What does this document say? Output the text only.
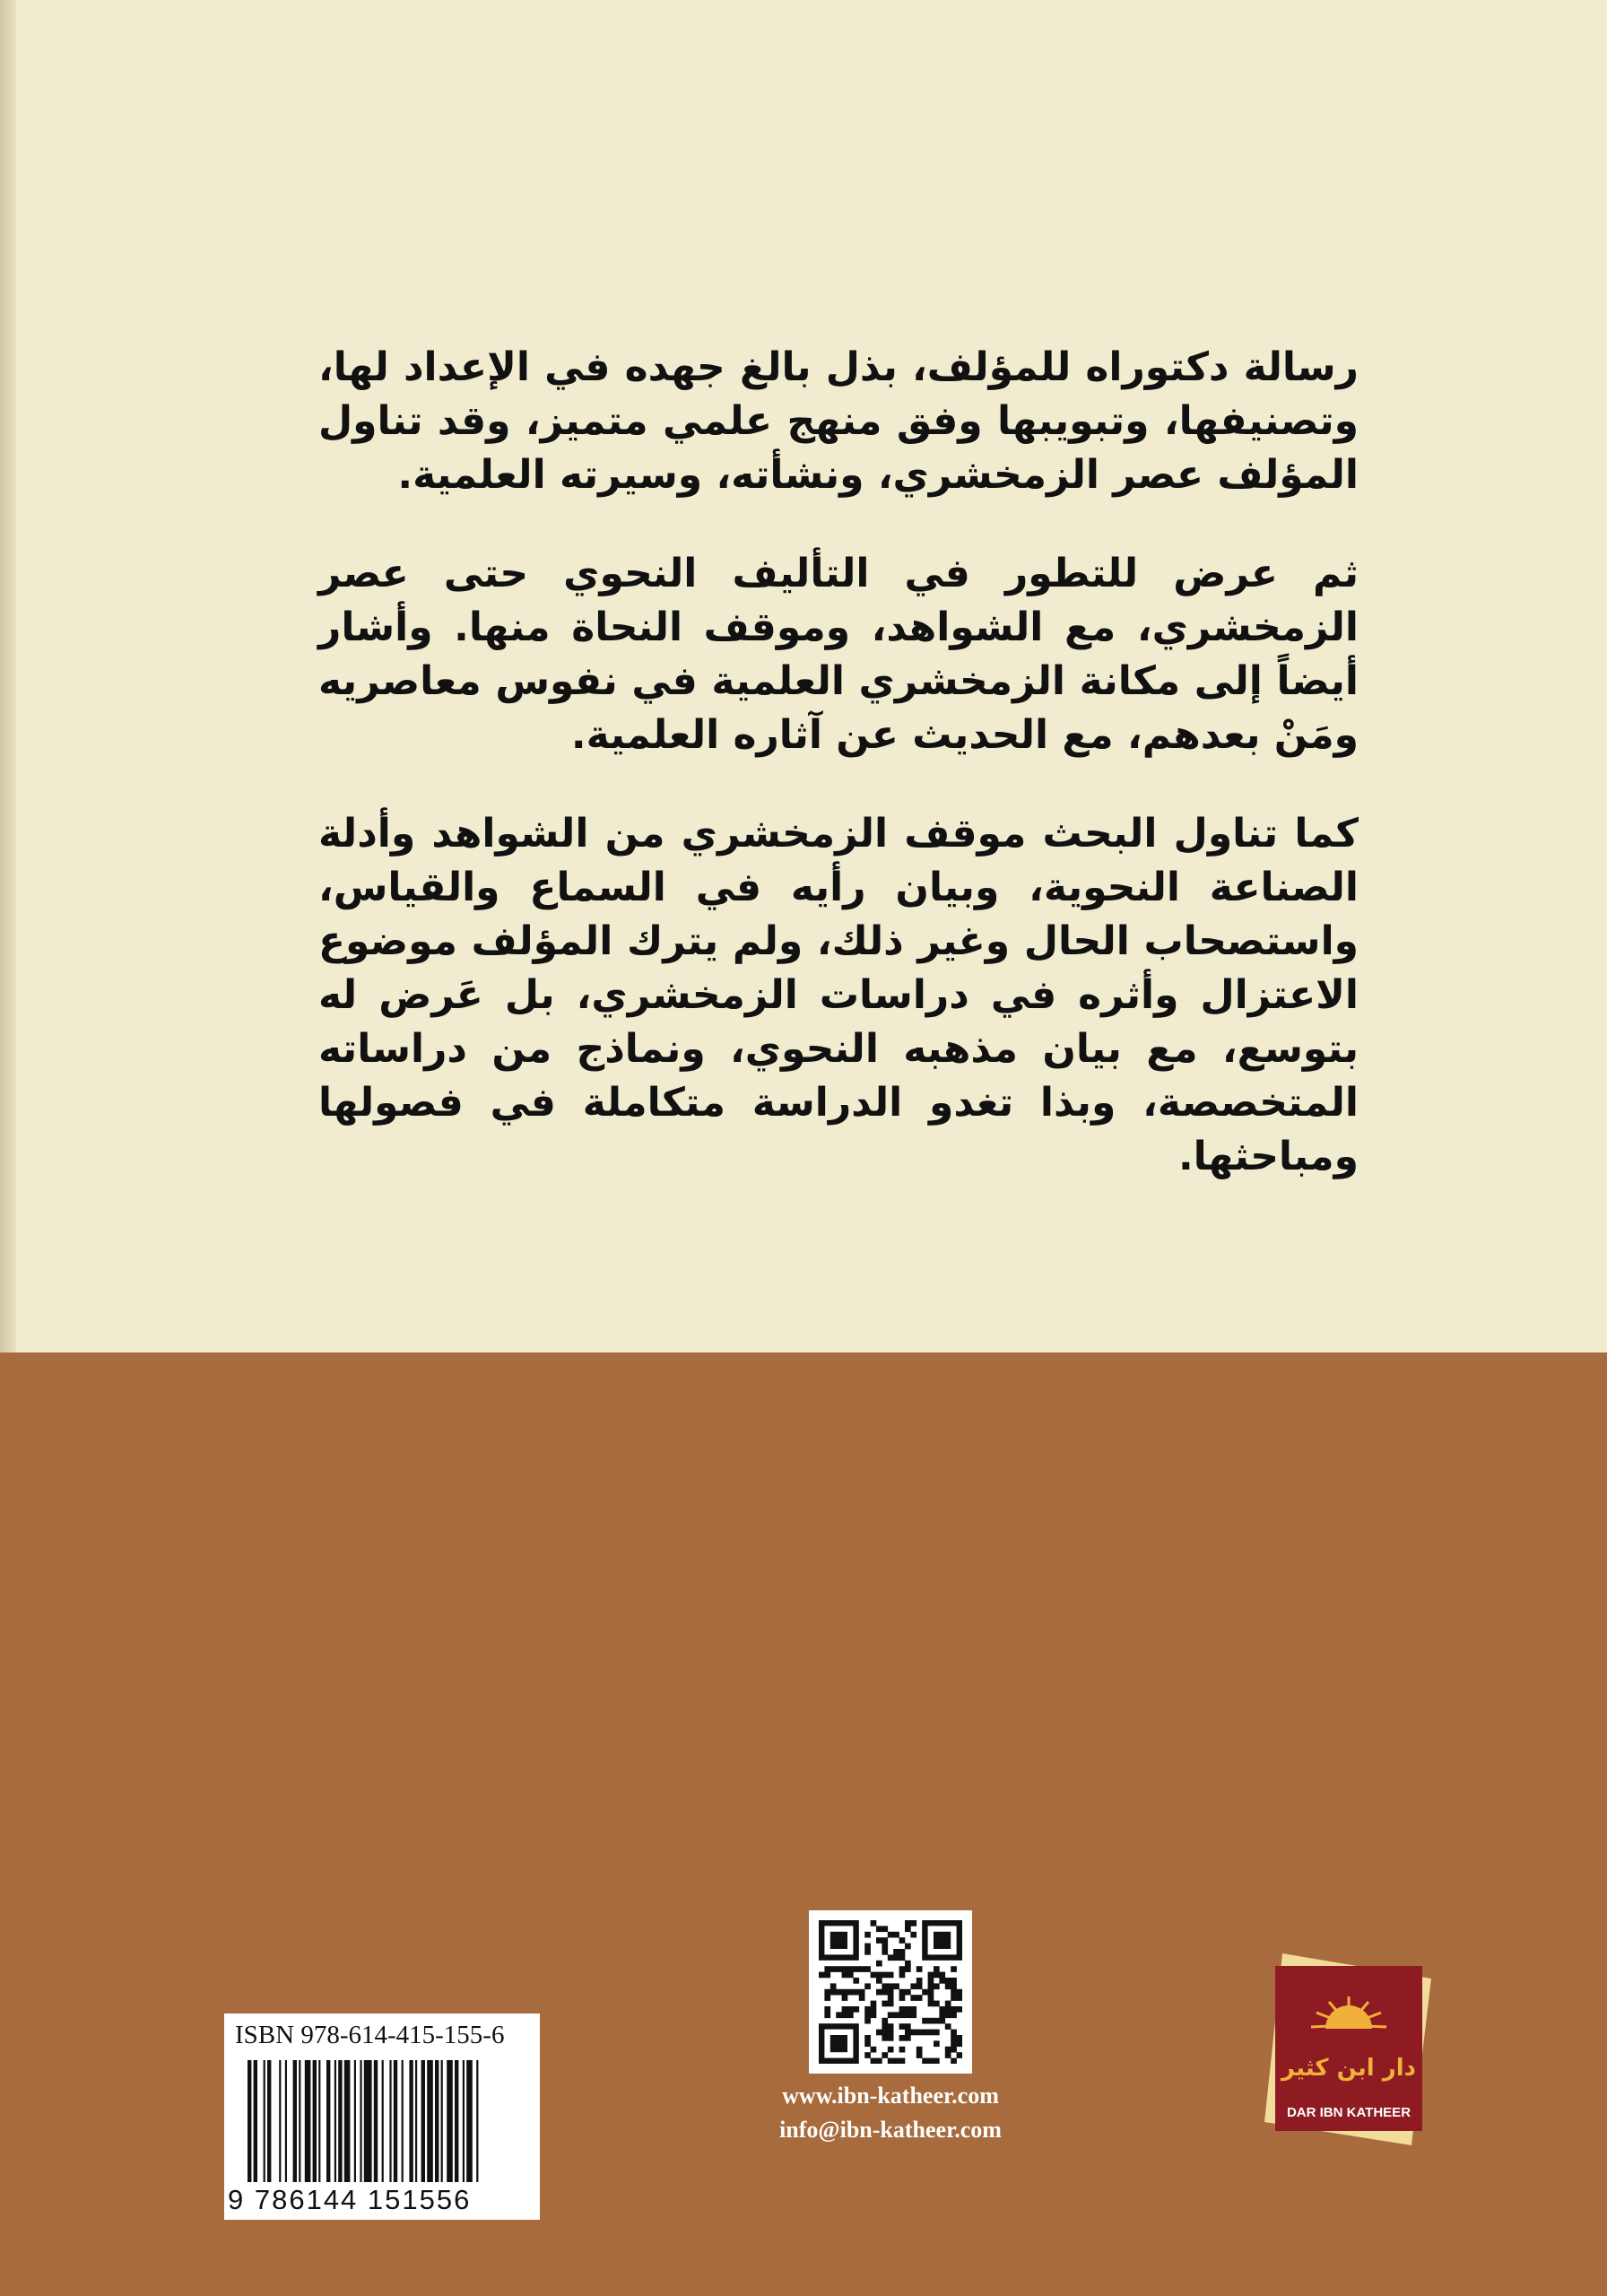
رسالة دكتوراه للمؤلف، بذل بالغ جهده في الإعداد لها، وتصنيفها، وتبويبها وفق منهج علمي متميز، وقد تناول المؤلف عصر الزمخشري، ونشأته، وسيرته العلمية.

ثم عرض للتطور في التأليف النحوي حتى عصر الزمخشري، مع الشواهد، وموقف النحاة منها. وأشار أيضاً إلى مكانة الزمخشري العلمية في نفوس معاصريه ومَنْ بعدهم، مع الحديث عن آثاره العلمية.

كما تناول البحث موقف الزمخشري من الشواهد وأدلة الصناعة النحوية، وبيان رأيه في السماع والقياس، واستصحاب الحال وغير ذلك، ولم يترك المؤلف موضوع الاعتزال وأثره في دراسات الزمخشري، بل عَرض له بتوسع، مع بيان مذهبه النحوي، ونماذج من دراساته المتخصصة، وبذا تغدو الدراسة متكاملة في فصولها ومباحثها.

ISBN 978-614-415-155-6
9 786144 151556
www.ibn-katheer.com
info@ibn-katheer.com
دار ابن كثير
DAR IBN KATHEER
